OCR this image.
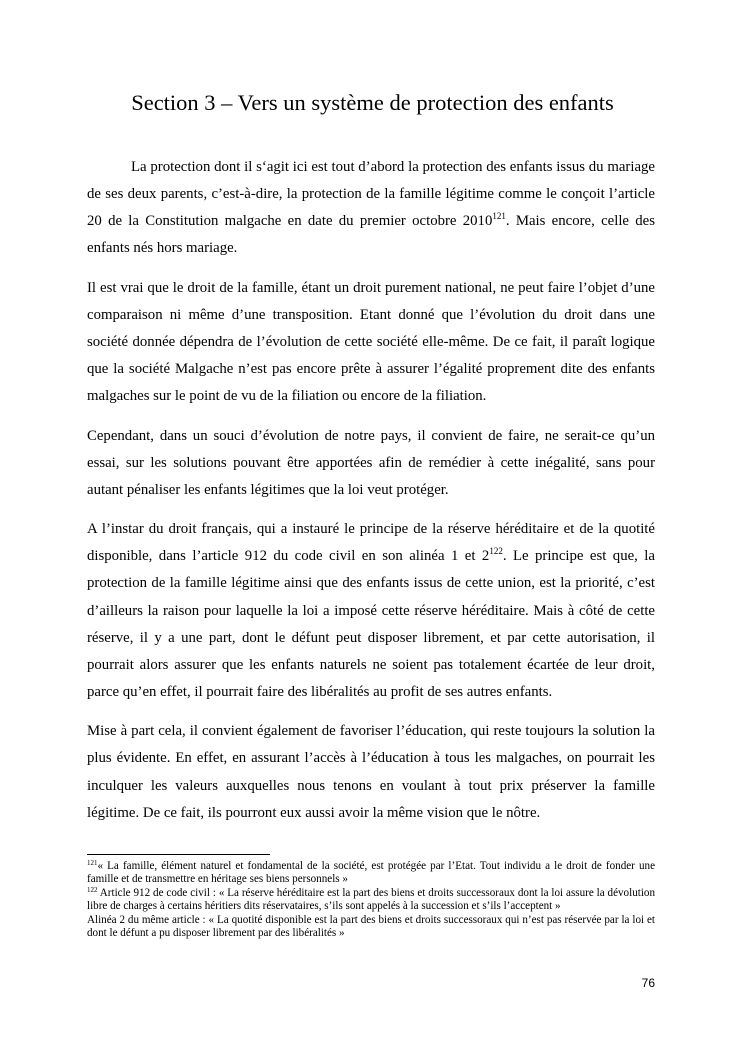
Section 3 – Vers un système de protection des enfants

La protection dont il s‘agit ici est tout d’abord la protection des enfants issus du mariage de ses deux parents, c’est-à-dire, la protection de la famille légitime comme le conçoit l’article 20 de la Constitution malgache en date du premier octobre 2010$^{121}$. Mais encore, celle des enfants nés hors mariage.

Il est vrai que le droit de la famille, étant un droit purement national, ne peut faire l’objet d’une comparaison ni même d’une transposition. Etant donné que l’évolution du droit dans une société donnée dépendra de l’évolution de cette société elle-même. De ce fait, il paraît logique que la société Malgache n’est pas encore prête à assurer l’égalité proprement dite des enfants malgaches sur le point de vu de la filiation ou encore de la filiation.

Cependant, dans un souci d’évolution de notre pays, il convient de faire, ne serait-ce qu’un essai, sur les solutions pouvant être apportées afin de remédier à cette inégalité, sans pour autant pénaliser les enfants légitimes que la loi veut protéger.

A l’instar du droit français, qui a instauré le principe de la réserve héréditaire et de la quotité disponible, dans l’article 912 du code civil en son alinéa 1 et $2^{122}$. Le principe est que, la protection de la famille légitime ainsi que des enfants issus de cette union, est la priorité, c’est d’ailleurs la raison pour laquelle la loi a imposé cette réserve héréditaire. Mais à côté de cette réserve, il y a une part, dont le défunt peut disposer librement, et par cette autorisation, il pourrait alors assurer que les enfants naturels ne soient pas totalement écartée de leur droit, parce qu’en effet, il pourrait faire des libéralités au profit de ses autres enfants.

Mise à part cela, il convient également de favoriser l’éducation, qui reste toujours la solution la plus évidente. En effet, en assurant l’accès à l’éducation à tous les malgaches, on pourrait les inculquer les valeurs auxquelles nous tenons en voulant à tout prix préserver la famille légitime. De ce fait, ils pourront eux aussi avoir la même vision que le nôtre.

$^{121}$« La famille, élément naturel et fondamental de la société, est protégée par l’Etat. Tout individu a le droit de fonder une famille et de transmettre en héritage ses biens personnels »

$^{122}$ Article 912 de code civil : « La réserve héréditaire est la part des biens et droits successoraux dont la loi assure la dévolution libre de charges à certains héritiers dits réservataires, s’ils sont appelés à la succession et s’ils l’acceptent »

Alinéa 2 du même article : « La quotité disponible est la part des biens et droits successoraux qui n’est pas réservée par la loi et dont le défunt a pu disposer librement par des libéralités »

76
